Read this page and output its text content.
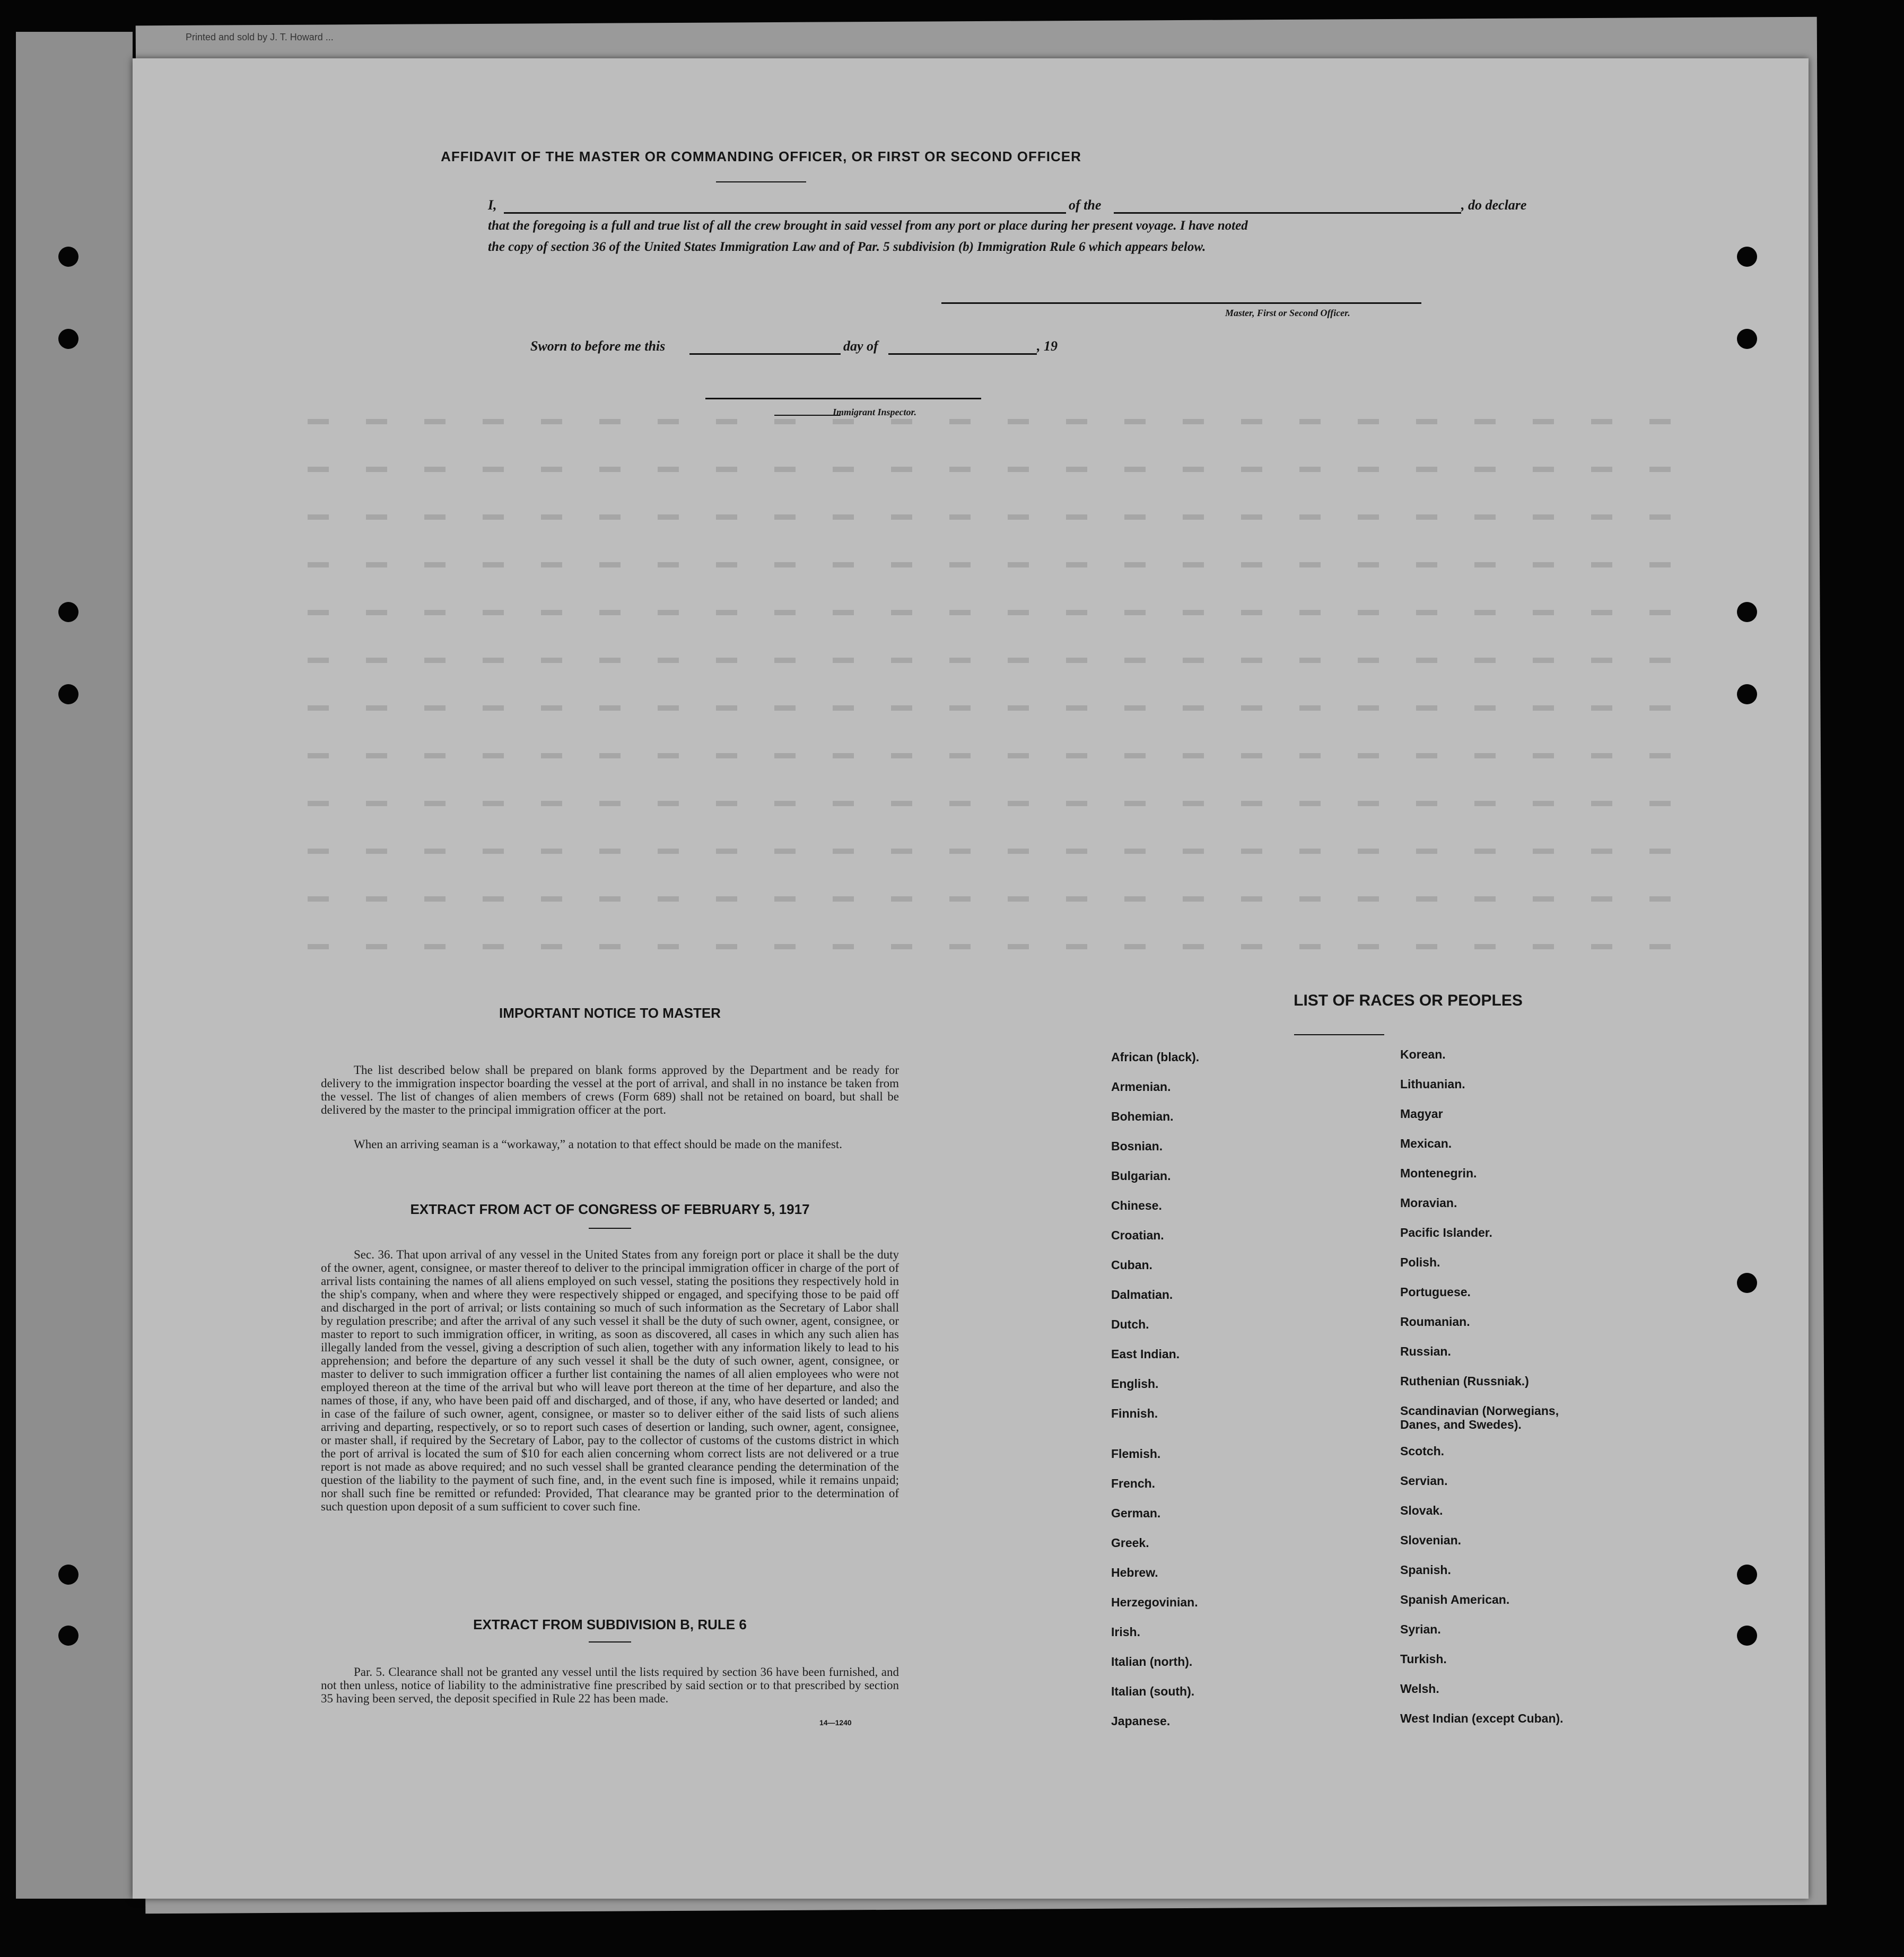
Printed and sold by J. T. Howard ...
AFFIDAVIT OF THE MASTER OR COMMANDING OFFICER, OR FIRST OR SECOND OFFICER
I,	of the	, do declare
that the foregoing is a full and true list of all the crew brought in said vessel from any port or place during her present voyage. I have noted
the copy of section 36 of the United States Immigration Law and of Par. 5 subdivision (b) Immigration Rule 6 which appears below.
Master, First or Second Officer.
Sworn to before me this	day of	, 19
Immigrant Inspector.
IMPORTANT NOTICE TO MASTER
The list described below shall be prepared on blank forms approved by the Department and be ready for delivery to the immigration inspector boarding the vessel at the port of arrival, and shall in no instance be taken from the vessel. The list of changes of alien members of crews (Form 689) shall not be retained on board, but shall be delivered by the master to the principal immigration officer at the port.
When an arriving seaman is a “workaway,” a notation to that effect should be made on the manifest.
EXTRACT FROM ACT OF CONGRESS OF FEBRUARY 5, 1917
Sec. 36. That upon arrival of any vessel in the United States from any foreign port or place it shall be the duty of the owner, agent, consignee, or master thereof to deliver to the principal immigration officer in charge of the port of arrival lists containing the names of all aliens employed on such vessel, stating the positions they respectively hold in the ship's company, when and where they were respectively shipped or engaged, and specifying those to be paid off and discharged in the port of arrival; or lists containing so much of such information as the Secretary of Labor shall by regulation prescribe; and after the arrival of any such vessel it shall be the duty of such owner, agent, consignee, or master to report to such immigration officer, in writing, as soon as discovered, all cases in which any such alien has illegally landed from the vessel, giving a description of such alien, together with any information likely to lead to his apprehension; and before the departure of any such vessel it shall be the duty of such owner, agent, consignee, or master to deliver to such immigration officer a further list containing the names of all alien employees who were not employed thereon at the time of the arrival but who will leave port thereon at the time of her departure, and also the names of those, if any, who have been paid off and discharged, and of those, if any, who have deserted or landed; and in case of the failure of such owner, agent, consignee, or master so to deliver either of the said lists of such aliens arriving and departing, respectively, or so to report such cases of desertion or landing, such owner, agent, consignee, or master shall, if required by the Secretary of Labor, pay to the collector of customs of the customs district in which the port of arrival is located the sum of $10 for each alien concerning whom correct lists are not delivered or a true report is not made as above required; and no such vessel shall be granted clearance pending the determination of the question of the liability to the payment of such fine, and, in the event such fine is imposed, while it remains unpaid; nor shall such fine be remitted or refunded: Provided, That clearance may be granted prior to the determination of such question upon deposit of a sum sufficient to cover such fine.
EXTRACT FROM SUBDIVISION B, RULE 6
Par. 5. Clearance shall not be granted any vessel until the lists required by section 36 have been furnished, and not then unless, notice of liability to the administrative fine prescribed by said section or to that prescribed by section 35 having been served, the deposit specified in Rule 22 has been made.
14—1240
LIST OF RACES OR PEOPLES
African (black).
Armenian.
Bohemian.
Bosnian.
Bulgarian.
Chinese.
Croatian.
Cuban.
Dalmatian.
Dutch.
East Indian.
English.
Finnish.
Flemish.
French.
German.
Greek.
Hebrew.
Herzegovinian.
Irish.
Italian (north).
Italian (south).
Japanese.
Korean.
Lithuanian.
Magyar
Mexican.
Montenegrin.
Moravian.
Pacific Islander.
Polish.
Portuguese.
Roumanian.
Russian.
Ruthenian (Russniak.)
Scandinavian (Norwegians, Danes, and Swedes).
Scotch.
Servian.
Slovak.
Slovenian.
Spanish.
Spanish American.
Syrian.
Turkish.
Welsh.
West Indian (except Cuban).
